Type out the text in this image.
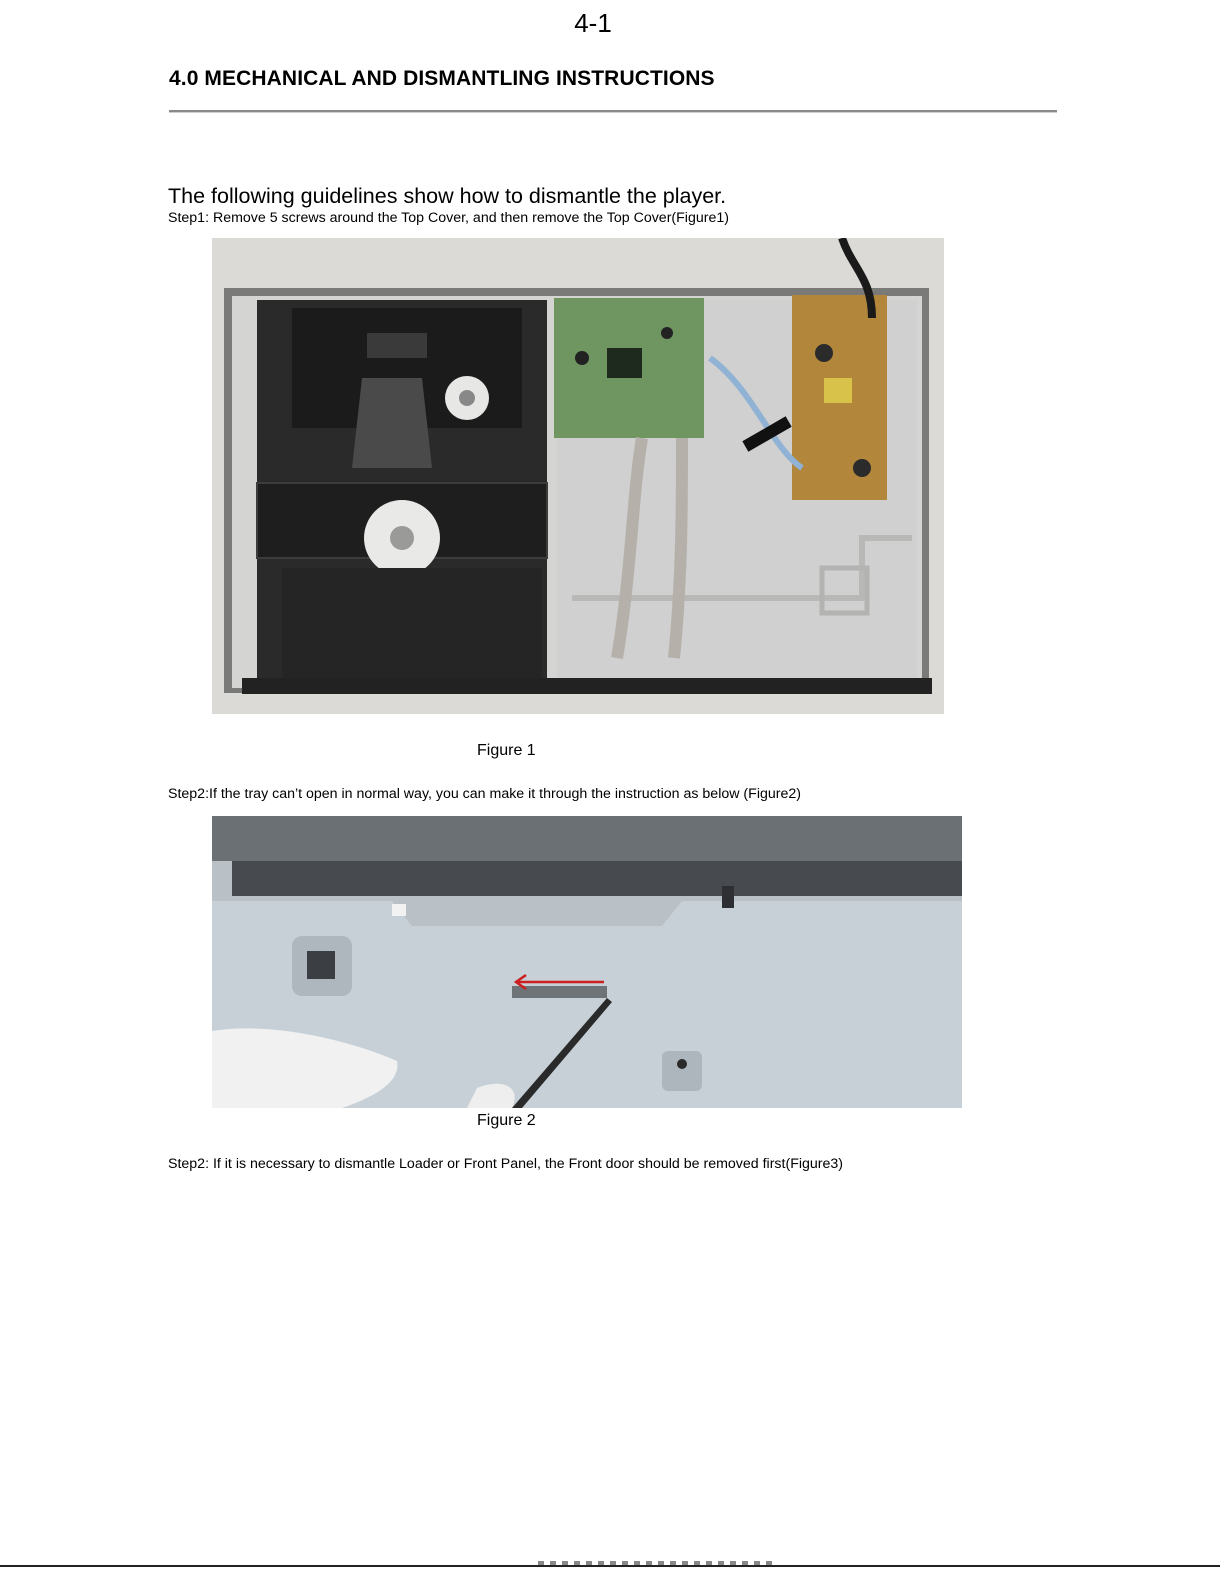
4-1
4.0 MECHANICAL AND DISMANTLING INSTRUCTIONS
The following guidelines show how to dismantle the player.
Step1: Remove 5 screws around the Top Cover, and then remove the Top Cover(Figure1)
Figure 1
Step2:If the tray can’t open in normal way, you can make it through the instruction as below (Figure2)
Figure 2
Step2: If it is necessary to dismantle Loader or Front Panel, the Front door should be removed first(Figure3)
